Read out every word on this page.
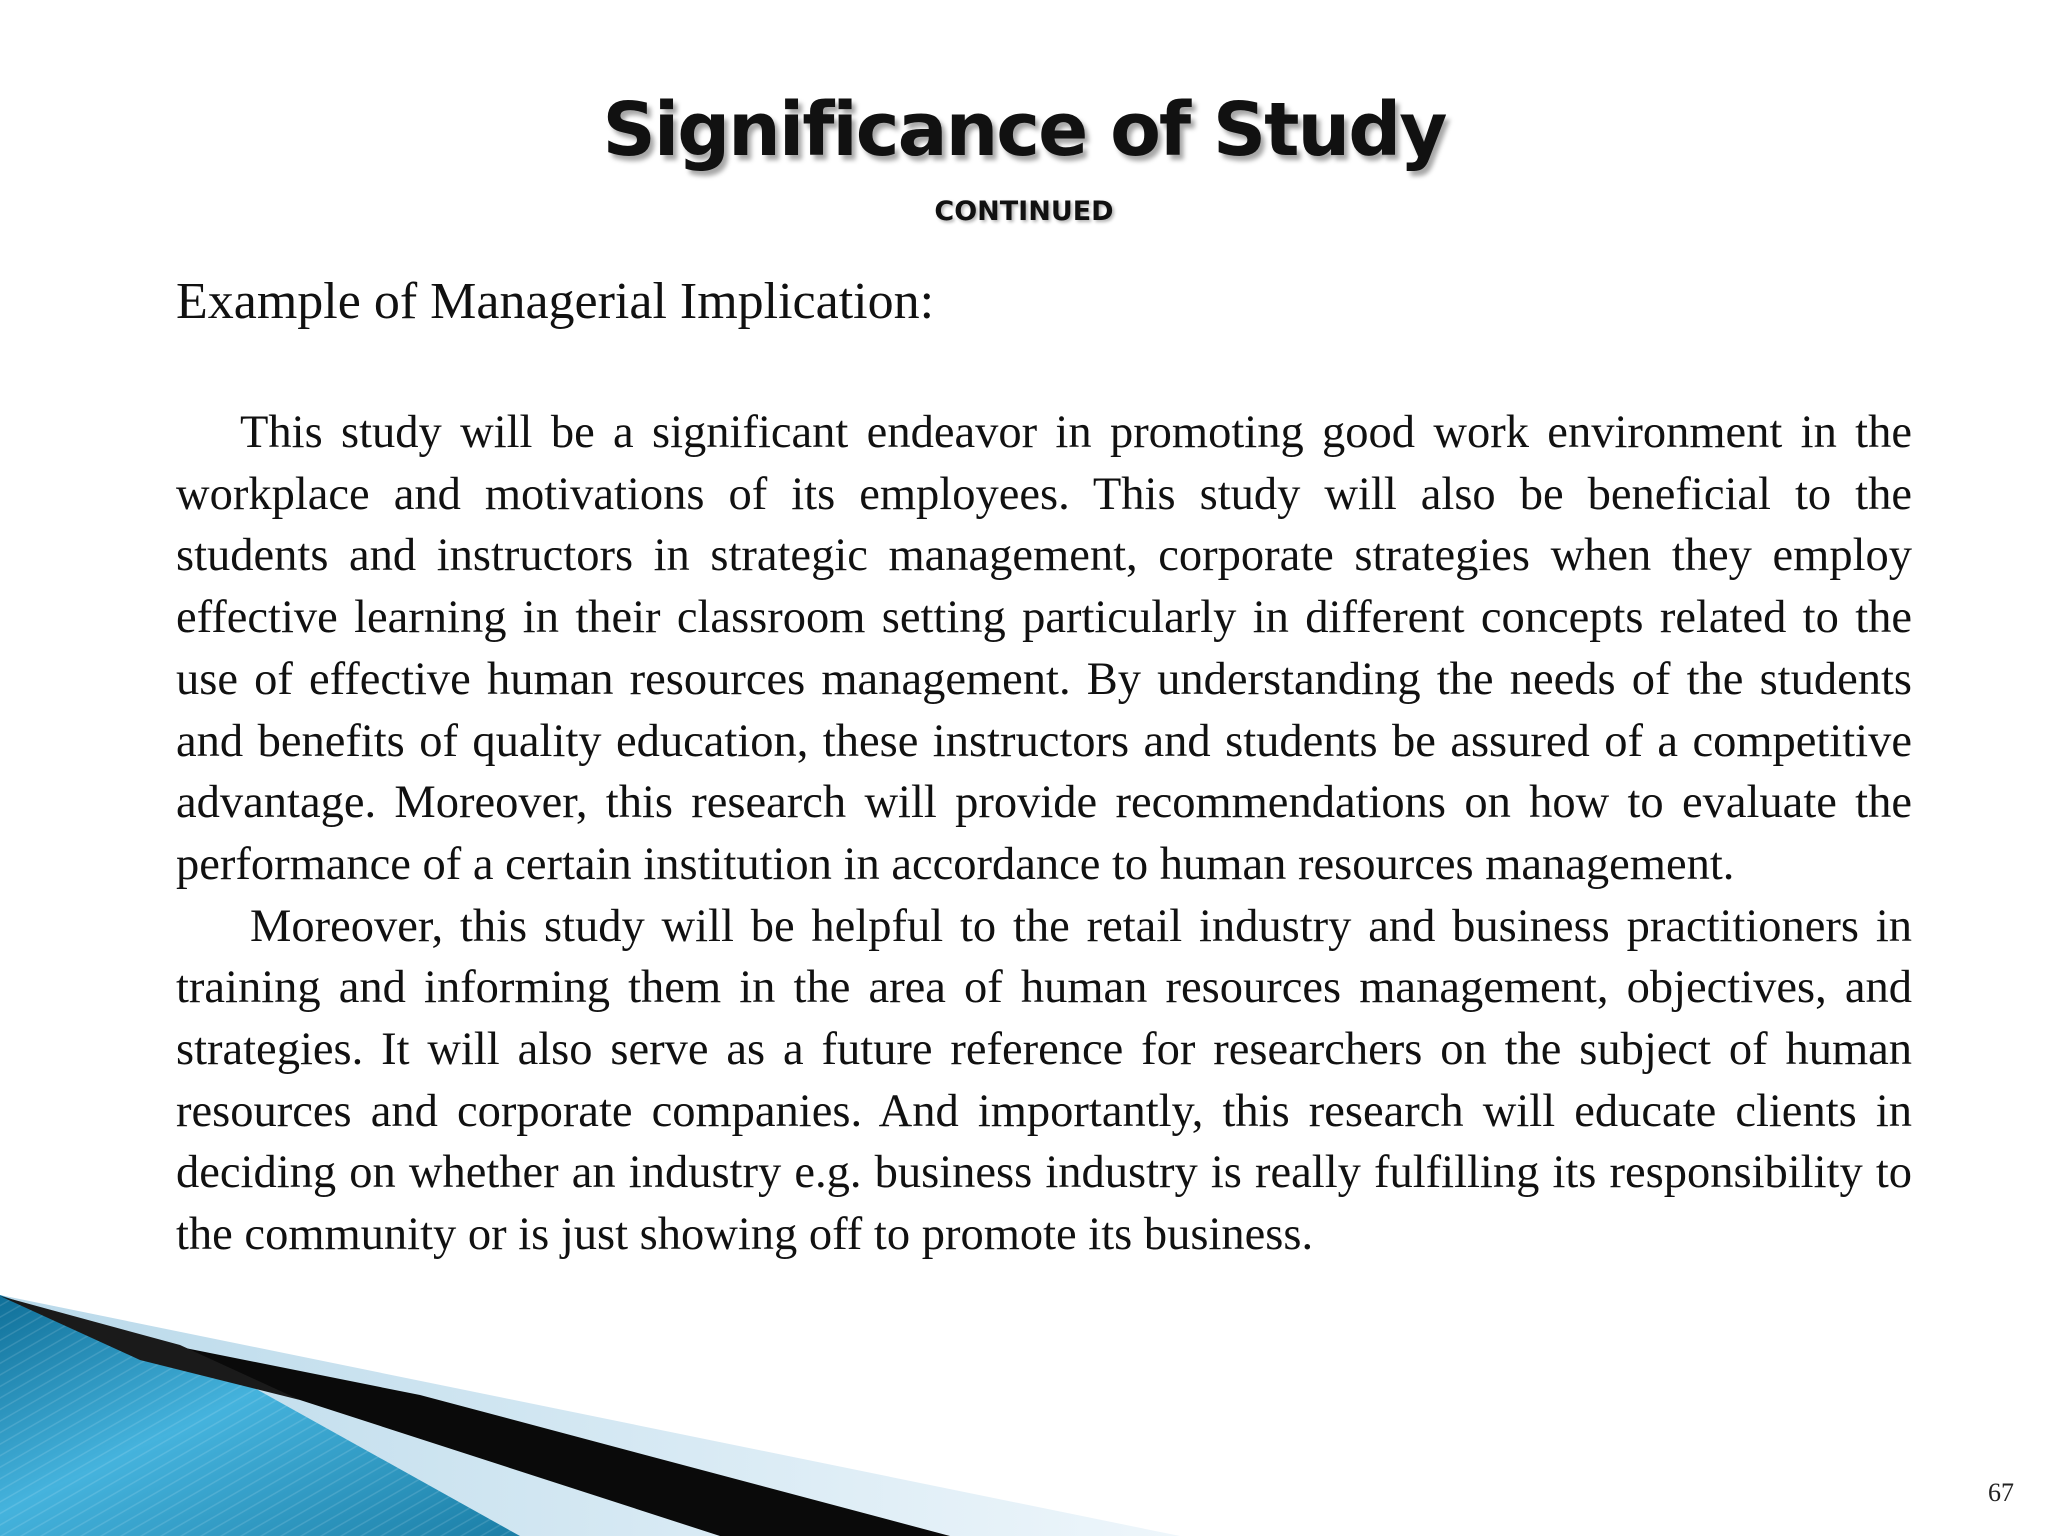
Significance of Study
CONTINUED
Example of Managerial Implication:

This study will be a significant endeavor in promoting good work environment in the workplace and motivations of its employees. This study will also be beneficial to the students and instructors in strategic management, corporate strategies when they employ effective learning in their classroom setting particularly in different concepts related to the use of effective human resources management. By understanding the needs of the students and benefits of quality education, these instructors and students be assured of a competitive advantage. Moreover, this research will provide recommendations on how to evaluate the performance of a certain institution in accordance to human resources management.

Moreover, this study will be helpful to the retail industry and business practitioners in training and informing them in the area of human resources management, objectives, and strategies. It will also serve as a future reference for researchers on the subject of human resources and corporate companies. And importantly, this research will educate clients in deciding on whether an industry e.g. business industry is really fulfilling its responsibility to the community or is just showing off to promote its business.

67
